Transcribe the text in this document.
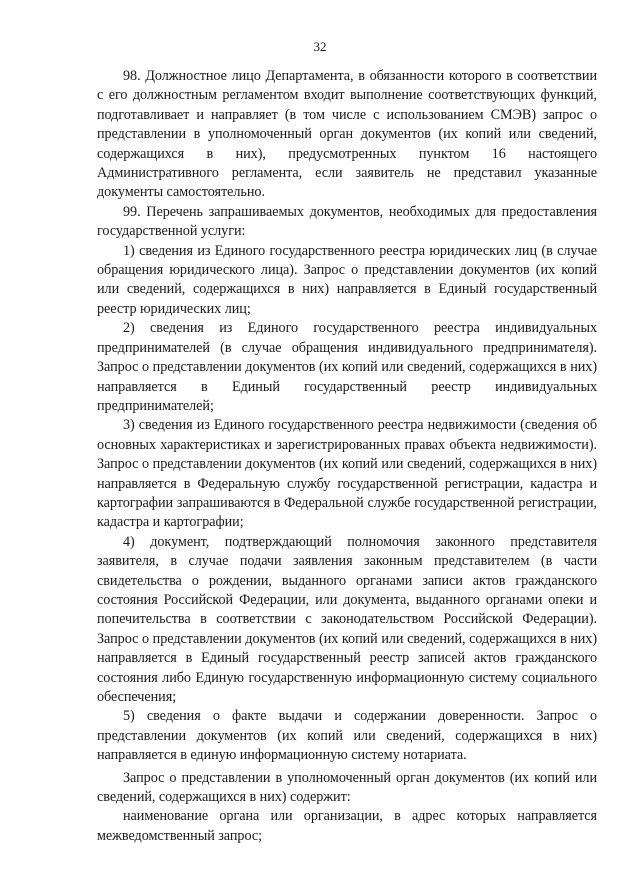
32

98. Должностное лицо Департамента, в обязанности которого в соответствии с его должностным регламентом входит выполнение соответствующих функций, подготавливает и направляет (в том числе с использованием СМЭВ) запрос о представлении в уполномоченный орган документов (их копий или сведений, содержащихся в них), предусмотренных пунктом 16 настоящего Административного регламента, если заявитель не представил указанные документы самостоятельно.

99. Перечень запрашиваемых документов, необходимых для предоставления государственной услуги:

1) сведения из Единого государственного реестра юридических лиц (в случае обращения юридического лица). Запрос о представлении документов (их копий или сведений, содержащихся в них) направляется в Единый государственный реестр юридических лиц;

2) сведения из Единого государственного реестра индивидуальных предпринимателей (в случае обращения индивидуального предпринимателя). Запрос о представлении документов (их копий или сведений, содержащихся в них) направляется в Единый государственный реестр индивидуальных предпринимателей;

3) сведения из Единого государственного реестра недвижимости (сведения об основных характеристиках и зарегистрированных правах объекта недвижимости). Запрос о представлении документов (их копий или сведений, содержащихся в них) направляется в Федеральную службу государственной регистрации, кадастра и картографии запрашиваются в Федеральной службе государственной регистрации, кадастра и картографии;

4) документ, подтверждающий полномочия законного представителя заявителя, в случае подачи заявления законным представителем (в части свидетельства о рождении, выданного органами записи актов гражданского состояния Российской Федерации, или документа, выданного органами опеки и попечительства в соответствии с законодательством Российской Федерации). Запрос о представлении документов (их копий или сведений, содержащихся в них) направляется в Единый государственный реестр записей актов гражданского состояния либо Единую государственную информационную систему социального обеспечения;

5) сведения о факте выдачи и содержании доверенности. Запрос о представлении документов (их копий или сведений, содержащихся в них) направляется в единую информационную систему нотариата.

Запрос о представлении в уполномоченный орган документов (их копий или сведений, содержащихся в них) содержит:

наименование органа или организации, в адрес которых направляется межведомственный запрос;
